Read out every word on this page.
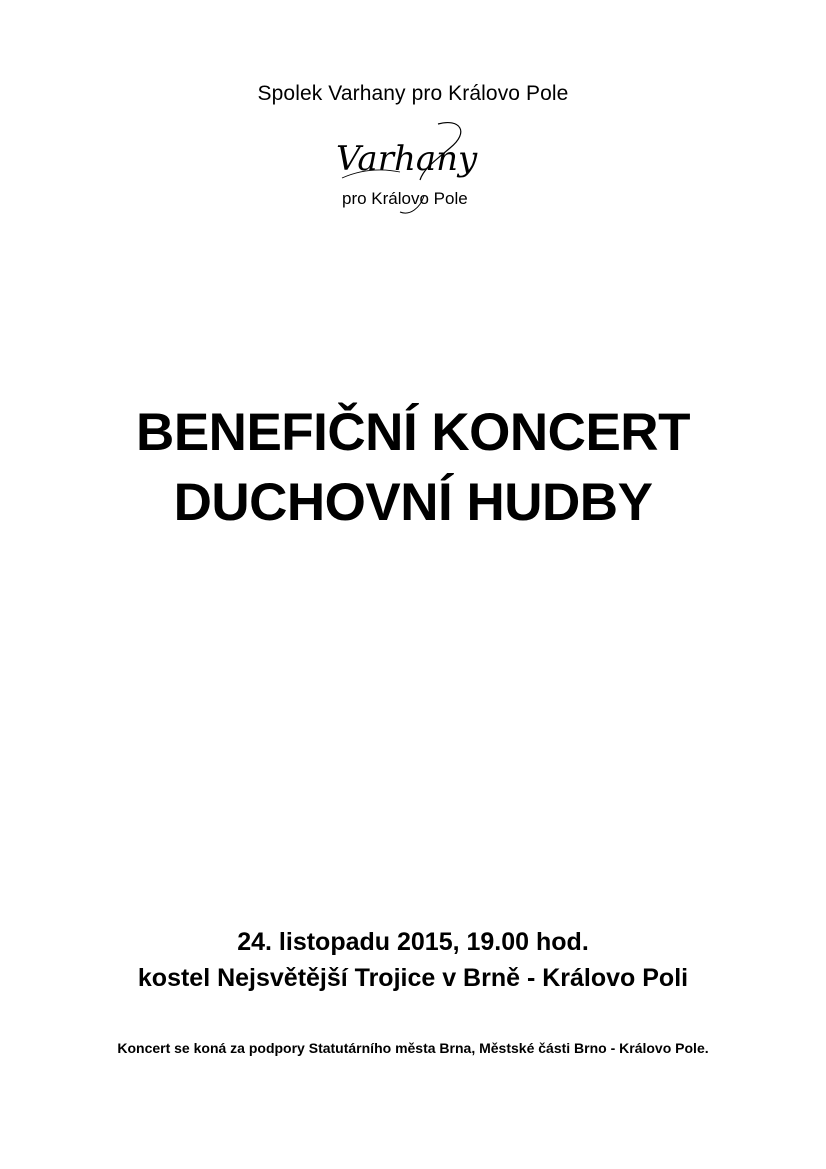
Spolek Varhany pro Královo Pole
Varhany
pro Královo Pole
BENEFIČNÍ KONCERT
DUCHOVNÍ HUDBY
24. listopadu 2015, 19.00 hod.
kostel Nejsvětější Trojice v Brně - Královo Poli
Koncert se koná za podpory Statutárního města Brna, Městské části Brno - Královo Pole.
